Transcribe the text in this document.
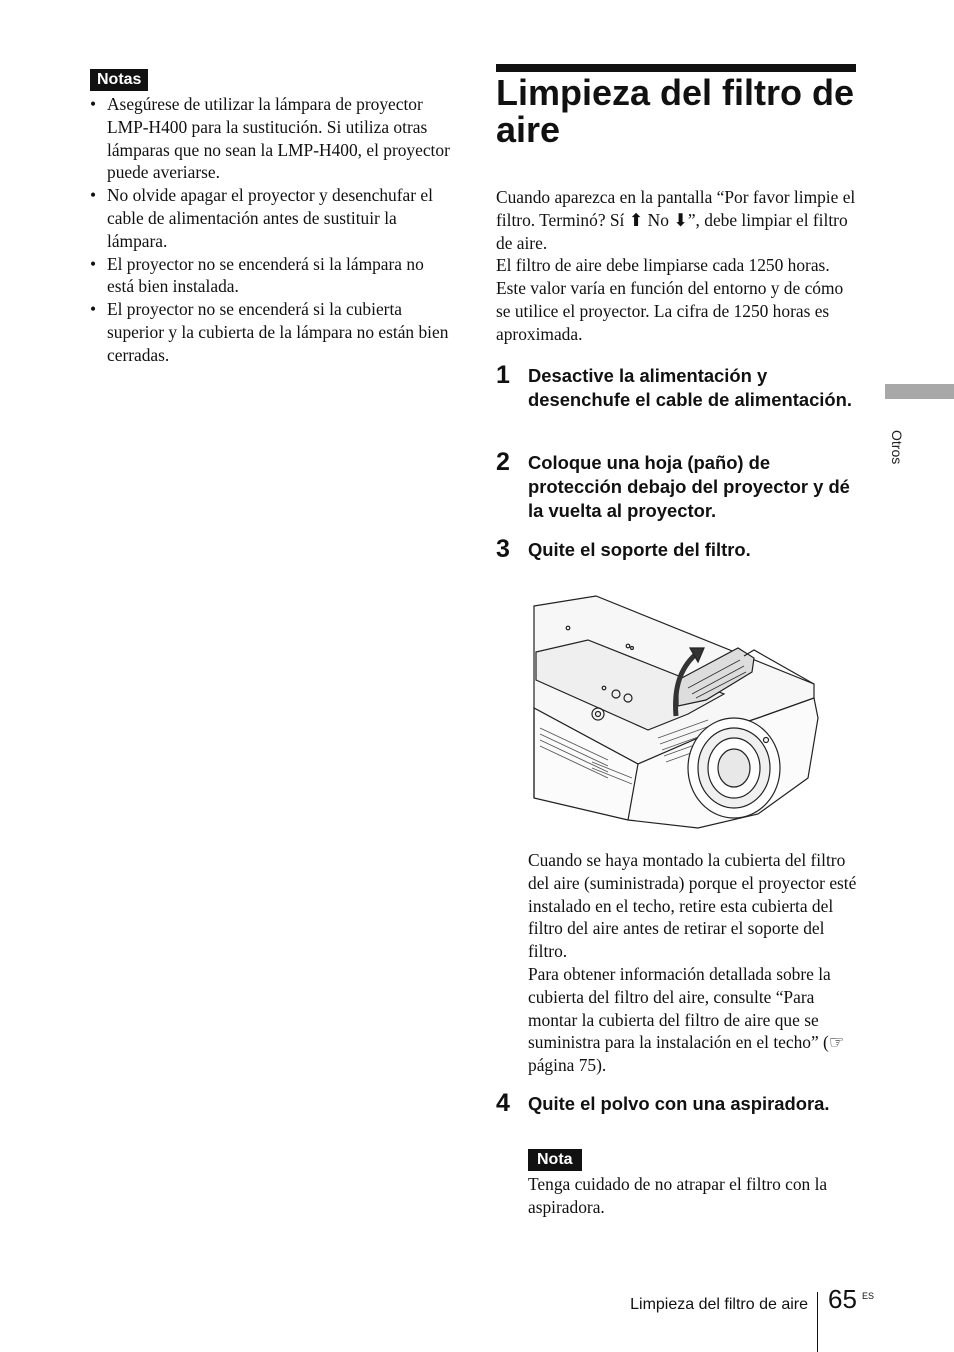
Notas
• Asegúrese de utilizar la lámpara de proyector LMP-H400 para la sustitución. Si utiliza otras lámparas que no sean la LMP-H400, el proyector puede averiarse.
• No olvide apagar el proyector y desenchufar el cable de alimentación antes de sustituir la lámpara.
• El proyector no se encenderá si la lámpara no está bien instalada.
• El proyector no se encenderá si la cubierta superior y la cubierta de la lámpara no están bien cerradas.
Limpieza del filtro de aire

Cuando aparezca en la pantalla “Por favor limpie el filtro. Terminó? Sí ⬆ No ⬇”, debe limpiar el filtro de aire.

El filtro de aire debe limpiarse cada 1250 horas. Este valor varía en función del entorno y de cómo se utilice el proyector. La cifra de 1250 horas es aproximada.

1 Desactive la alimentación y desenchufe el cable de alimentación.
2 Coloque una hoja (paño) de protección debajo del proyector y dé la vuelta al proyector.
3 Quite el soporte del filtro.

Cuando se haya montado la cubierta del filtro del aire (suministrada) porque el proyector esté instalado en el techo, retire esta cubierta del filtro del aire antes de retirar el soporte del filtro.

Para obtener información detallada sobre la cubierta del filtro del aire, consulte “Para montar la cubierta del filtro de aire que se suministra para la instalación en el techo” (☞ página 75).

4 Quite el polvo con una aspiradora.
Nota
Tenga cuidado de no atrapar el filtro con la aspiradora.
Otros
Limpieza del filtro de aire 65 ES
